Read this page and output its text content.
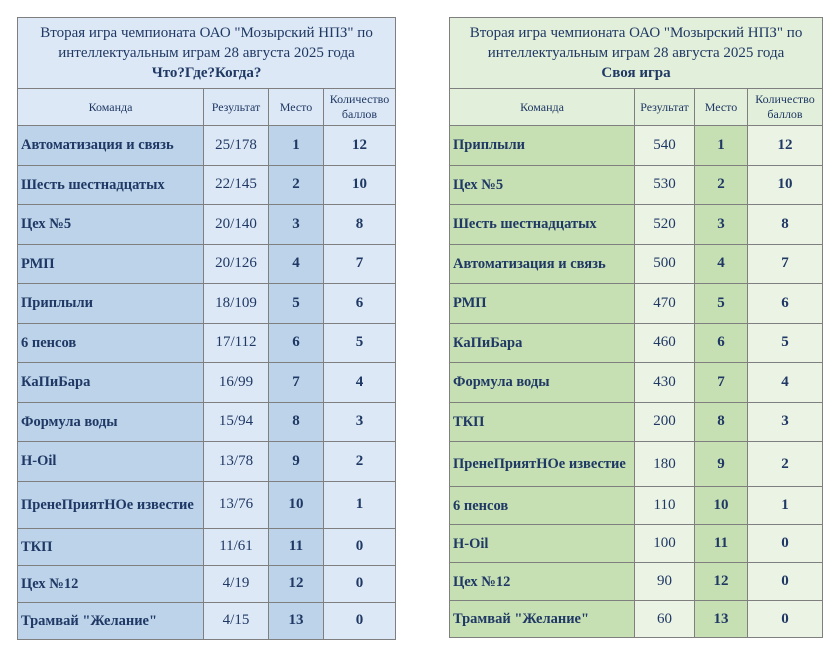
Вторая игра чемпионата ОАО "Мозырский НПЗ" по интеллектуальным играм 28 августа 2025 года
Что?Где?Когда?			

Команда	Результат	Место	Количество баллов
Автоматизация и связь	25/178	1	12
Шесть шестнадцатых	22/145	2	10
Цех №5	20/140	3	8
РМП	20/126	4	7
Приплыли	18/109	5	6
6 пенсов	17/112	6	5
КаПиБара	16/99	7	4
Формула воды	15/94	8	3
H-Oil	13/78	9	2
ПренеПриятНОе известие	13/76	10	1
ТКП	11/61	11	0
Цех №12	4/19	12	0
Трамвай "Желание"	4/15	13	0
Вторая игра чемпионата ОАО "Мозырский НПЗ" по интеллектуальным играм 28 августа 2025 года
Своя игра			

Команда	Результат	Место	Количество баллов
Приплыли	540	1	12
Цех №5	530	2	10
Шесть шестнадцатых	520	3	8
Автоматизация и связь	500	4	7
РМП	470	5	6
КаПиБара	460	6	5
Формула воды	430	7	4
ТКП	200	8	3
ПренеПриятНОе известие	180	9	2
6 пенсов	110	10	1
H-Oil	100	11	0
Цех №12	90	12	0
Трамвай "Желание"	60	13	0
